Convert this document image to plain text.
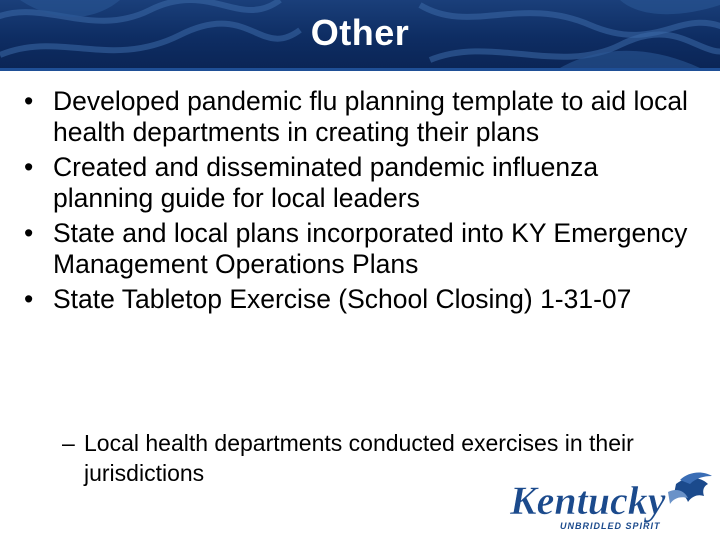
Other
• Developed pandemic flu planning template to aid local health departments in creating their plans
• Created and disseminated pandemic influenza planning guide for local leaders
• State and local plans incorporated into KY Emergency Management Operations Plans
• State Tabletop Exercise (School Closing) 1-31-07
– Local health departments conducted exercises in their jurisdictions
Kentucky
UNBRIDLED SPIRIT
